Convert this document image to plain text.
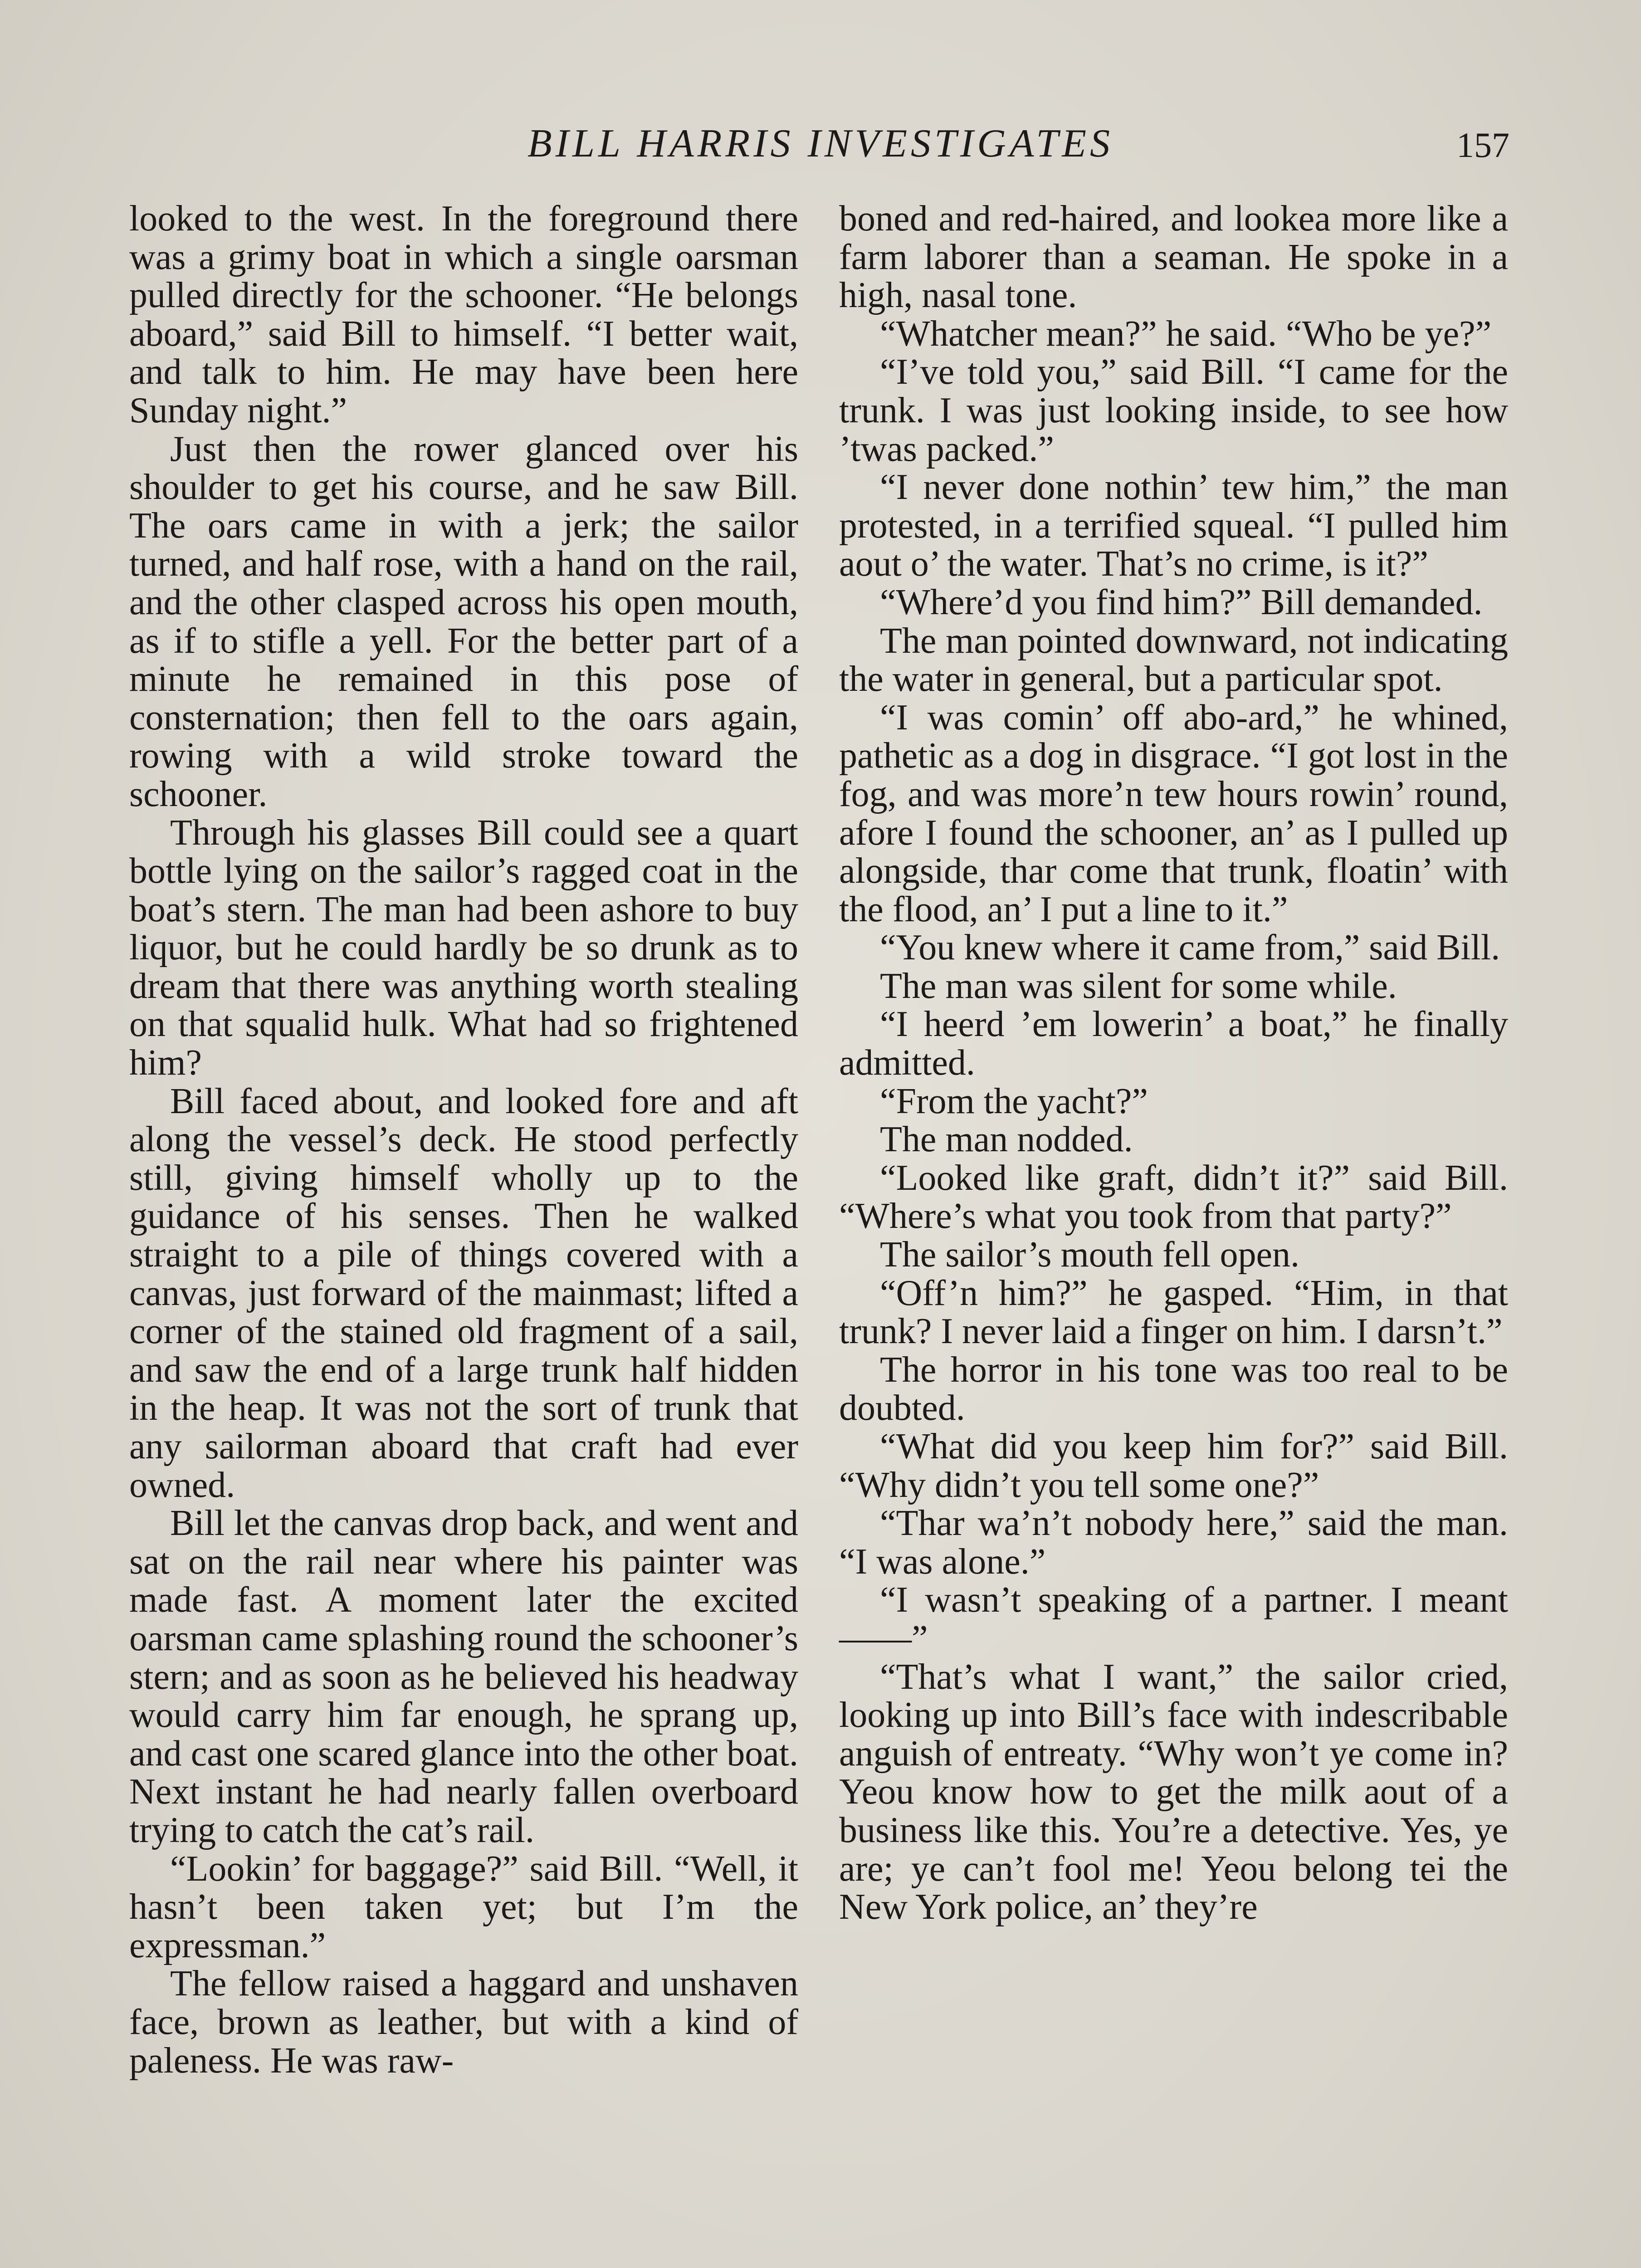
BILL HARRIS INVESTIGATES	157

looked to the west. In the foreground there was a grimy boat in which a single oarsman pulled directly for the schooner. “He belongs aboard,” said Bill to himself. “I better wait, and talk to him. He may have been here Sunday night.”

Just then the rower glanced over his shoulder to get his course, and he saw Bill. The oars came in with a jerk; the sailor turned, and half rose, with a hand on the rail, and the other clasped across his open mouth, as if to stifle a yell. For the better part of a minute he remained in this pose of consternation; then fell to the oars again, rowing with a wild stroke toward the schooner.

Through his glasses Bill could see a quart bottle lying on the sailor’s ragged coat in the boat’s stern. The man had been ashore to buy liquor, but he could hardly be so drunk as to dream that there was anything worth stealing on that squalid hulk. What had so frightened him?

Bill faced about, and looked fore and aft along the vessel’s deck. He stood perfectly still, giving himself wholly up to the guidance of his senses. Then he walked straight to a pile of things covered with a canvas, just forward of the mainmast; lifted a corner of the stained old fragment of a sail, and saw the end of a large trunk half hidden in the heap. It was not the sort of trunk that any sailorman aboard that craft had ever owned.

Bill let the canvas drop back, and went and sat on the rail near where his painter was made fast. A moment later the excited oarsman came splashing round the schooner’s stern; and as soon as he believed his headway would carry him far enough, he sprang up, and cast one scared glance into the other boat. Next instant he had nearly fallen overboard trying to catch the cat’s rail.

“Lookin’ for baggage?” said Bill. “Well, it hasn’t been taken yet; but I’m the expressman.”

The fellow raised a haggard and unshaven face, brown as leather, but with a kind of paleness. He was raw-

boned and red-haired, and lookea more like a farm laborer than a seaman. He spoke in a high, nasal tone.

“Whatcher mean?” he said. “Who be ye?”

“I’ve told you,” said Bill. “I came for the trunk. I was just looking inside, to see how ’twas packed.”

“I never done nothin’ tew him,” the man protested, in a terrified squeal. “I pulled him aout o’ the water. That’s no crime, is it?”

“Where’d you find him?” Bill demanded.

The man pointed downward, not indicating the water in general, but a particular spot.

“I was comin’ off abo-ard,” he whined, pathetic as a dog in disgrace. “I got lost in the fog, and was more’n tew hours rowin’ round, afore I found the schooner, an’ as I pulled up alongside, thar come that trunk, floatin’ with the flood, an’ I put a line to it.”

“You knew where it came from,” said Bill.

The man was silent for some while.

“I heerd ’em lowerin’ a boat,” he finally admitted.

“From the yacht?”

The man nodded.

“Looked like graft, didn’t it?” said Bill. “Where’s what you took from that party?”

The sailor’s mouth fell open.

“Off’n him?” he gasped. “Him, in that trunk? I never laid a finger on him. I darsn’t.”

The horror in his tone was too real to be doubted.

“What did you keep him for?” said Bill. “Why didn’t you tell some one?”

“Thar wa’n’t nobody here,” said the man. “I was alone.”

“I wasn’t speaking of a partner. I meant——”

“That’s what I want,” the sailor cried, looking up into Bill’s face with indescribable anguish of entreaty. “Why won’t ye come in? Yeou know how to get the milk aout of a business like this. You’re a detective. Yes, ye are; ye can’t fool me! Yeou belong tei the New York police, an’ they’re
